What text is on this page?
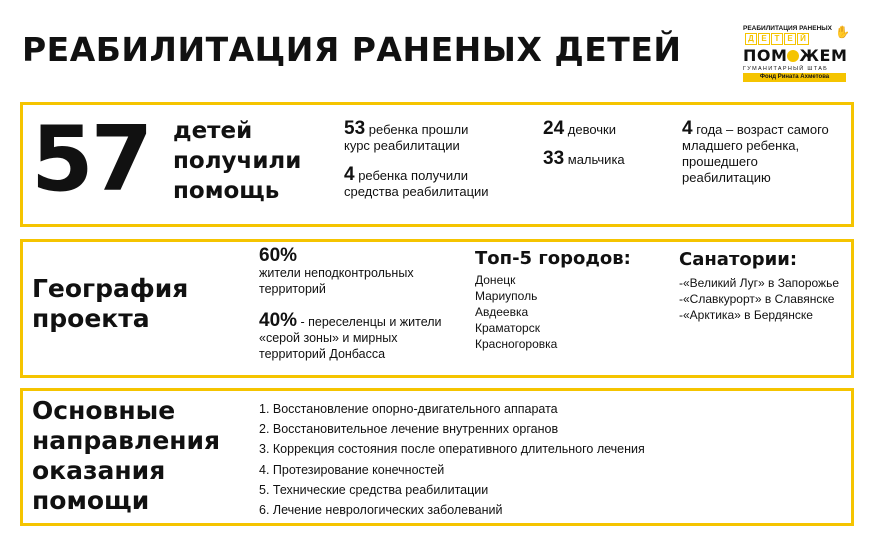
РЕАБИЛИТАЦИЯ РАНЕНЫХ ДЕТЕЙ
РЕАБИЛИТАЦИЯ РАНЕНЫХ ✋
Д Е Т Е Й
ПОМ ЖЕМ
ГУМАНИТАРНЫЙ ШТАБ
Фонд Рината Ахметова
57 детей получили помощь
53 ребенка прошли
курс реабилитации
4 ребенка получили
средства реабилитации
24 девочки
33 мальчика
4 года – возраст самого
младшего ребенка,
прошедшего
реабилитацию
География проекта
60%
жители неподконтрольных территорий
40% - переселенцы и жители «серой зоны» и мирных территорий Донбасса
Топ-5 городов:
Донецк
Мариуполь
Авдеевка
Краматорск
Красногоровка
Санатории:
-«Великий Луг» в Запорожье
-«Славкурорт» в Славянске
-«Арктика» в Бердянске
Основные направления оказания помощи
1. Восстановление опорно-двигательного аппарата
2. Восстановительное лечение внутренних органов
3. Коррекция состояния после оперативного длительного лечения
4. Протезирование конечностей
5. Технические средства реабилитации
6. Лечение неврологических заболеваний
